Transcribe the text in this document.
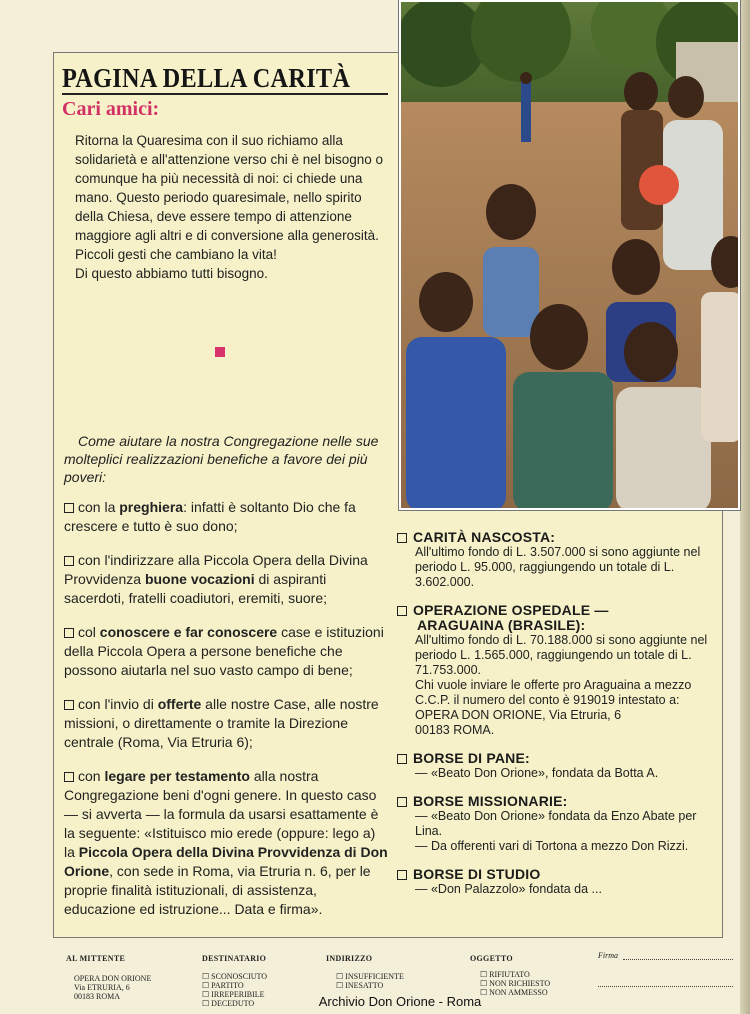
PAGINA DELLA CARITÀ
Cari amici:

Ritorna la Quaresima con il suo richiamo alla solidarietà e all'attenzione verso chi è nel bisogno o comunque ha più necessità di noi: ci chiede una mano. Questo periodo quaresimale, nello spirito della Chiesa, deve essere tempo di attenzione maggiore agli altri e di conversione alla generosità. Piccoli gesti che cambiano la vita!

Di questo abbiamo tutti bisogno.

Come aiutare la nostra Congregazione nelle sue molteplici realizzazioni benefiche a favore dei più poveri:
con la preghiera: infatti è soltanto Dio che fa crescere e tutto è suo dono;
con l'indirizzare alla Piccola Opera della Divina Provvidenza buone vocazioni di aspiranti sacerdoti, fratelli coadiutori, eremiti, suore;
col conoscere e far conoscere case e istituzioni della Piccola Opera a persone benefiche che possono aiutarla nel suo vasto campo di bene;
con l'invio di offerte alle nostre Case, alle nostre missioni, o direttamente o tramite la Direzione centrale (Roma, Via Etruria 6);
con legare per testamento alla nostra Congregazione beni d'ogni genere. In questo caso — si avverta — la formula da usarsi esattamente è la seguente: «Istituisco mio erede (oppure: lego a) la Piccola Opera della Divina Provvidenza di Don Orione, con sede in Roma, via Etruria n. 6, per le proprie finalità istituzionali, di assistenza, educazione ed istruzione... Data e firma».
CARITÀ NASCOSTA:
All'ultimo fondo di L. 3.507.000 si sono aggiunte nel periodo L. 95.000, raggiungendo un totale di L. 3.602.000.
OPERAZIONE OSPEDALE —
ARAGUAINA (BRASILE):
All'ultimo fondo di L. 70.188.000 si sono aggiunte nel periodo L. 1.565.000, raggiungendo un totale di L. 71.753.000.
Chi vuole inviare le offerte pro Araguaina a mezzo C.C.P. il numero del conto è 919019 intestato a:
OPERA DON ORIONE, Via Etruria, 6
00183 ROMA.
BORSE DI PANE:
— «Beato Don Orione», fondata da Botta A.
BORSE MISSIONARIE:
— «Beato Don Orione» fondata da Enzo Abate per Lina.
— Da offerenti vari di Tortona a mezzo Don Rizzi.
BORSE DI STUDIO
— «Don Palazzolo» fondata da ...
AL MITTENTE
OPERA DON ORIONE
Via ETRURIA, 6
00183 ROMA
DESTINATARIO
☐ SCONOSCIUTO
☐ PARTITO
☐ IRREPERIBILE
☐ DECEDUTO
INDIRIZZO
☐ INSUFFICIENTE
☐ INESATTO
OGGETTO
☐ RIFIUTATO
☐ NON RICHIESTO
☐ NON AMMESSO
Firma
Archivio Don Orione - Roma
